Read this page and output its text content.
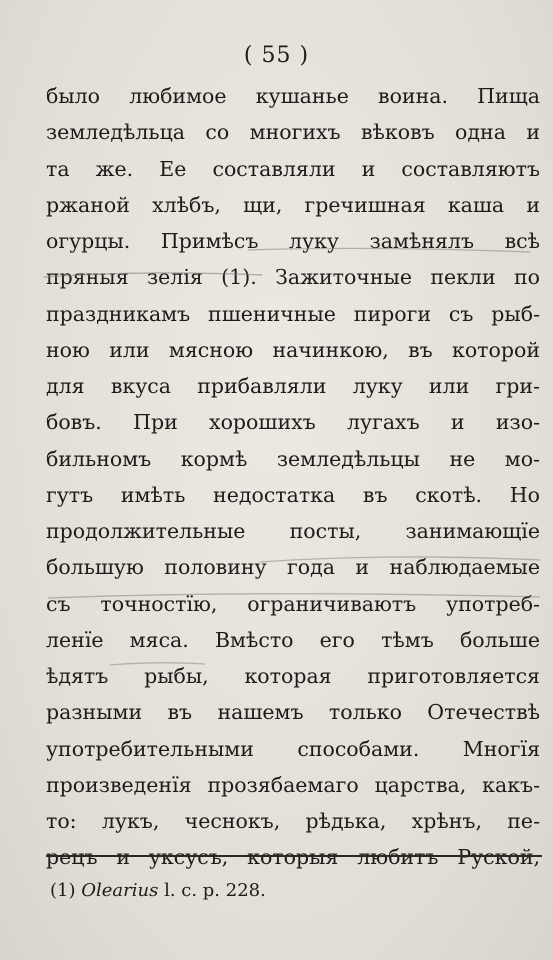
( 55 )
было любимое кушанье воина. Пища
земледѣльца со многихъ вѣковъ одна и
та же. Ее составляли и составляютъ
ржаной хлѣбъ, щи, гречишная каша и
огурцы. Примѣсъ луку замѣнялъ всѣ
пряныя зелія (1). Зажиточные пекли по
праздникамъ пшеничные пироги съ рыб-
ною или мясною начинкою, въ которой
для вкуса прибавляли луку или гри-
бовъ. При хорошихъ лугахъ и изо-
бильномъ кормѣ земледѣльцы не мо-
гутъ имѣть недостатка въ скотѣ. Но
продолжительные посты, занимающїе
большую половину года и наблюдаемые
съ точностїю, ограничиваютъ употреб-
ленїе мяса. Вмѣсто его тѣмъ больше
ѣдятъ рыбы, которая приготовляется
разными въ нашемъ только Отечествѣ
употребительными способами. Многїя
произведенїя прозябаемаго царства, какъ-
то: лукъ, чеснокъ, рѣдька, хрѣнъ, пе-
рецъ и уксусъ, которыя любитъ Руской,
(1) Olearius l. c. p. 228.
